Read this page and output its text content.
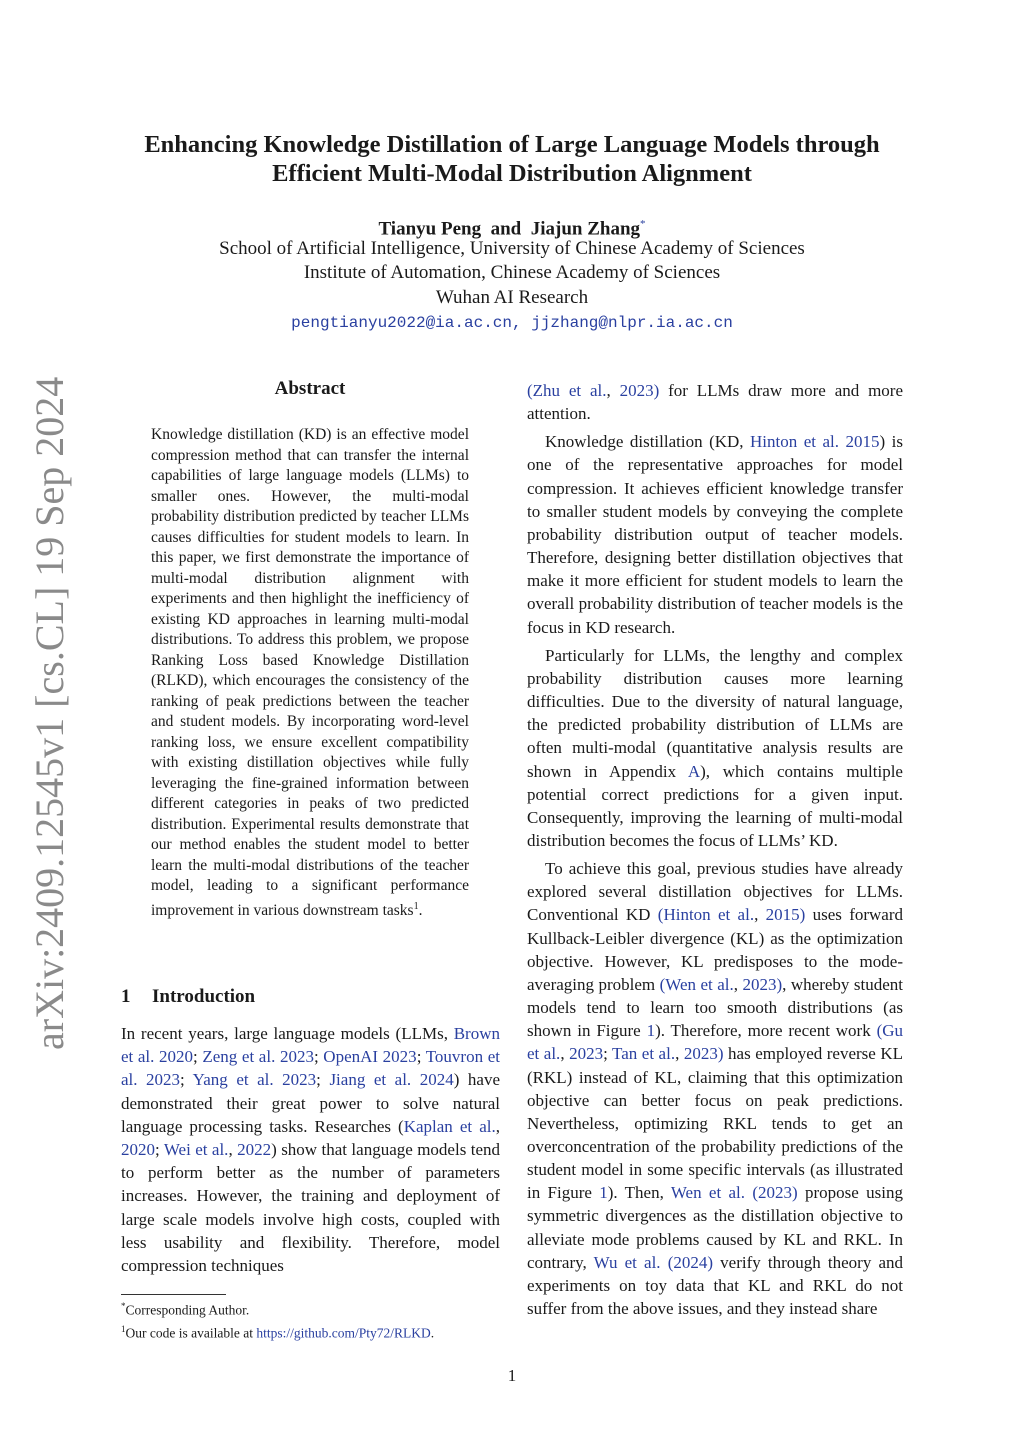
arXiv:2409.12545v1 [cs.CL] 19 Sep 2024
Enhancing Knowledge Distillation of Large Language Models through
Efficient Multi-Modal Distribution Alignment
Tianyu Peng and Jiajun Zhang*
School of Artificial Intelligence, University of Chinese Academy of Sciences
Institute of Automation, Chinese Academy of Sciences
Wuhan AI Research
pengtianyu2022@ia.ac.cn, jjzhang@nlpr.ia.ac.cn
Abstract

Knowledge distillation (KD) is an effective model compression method that can transfer the internal capabilities of large language models (LLMs) to smaller ones. However, the multi-modal probability distribution predicted by teacher LLMs causes difficulties for student models to learn. In this paper, we first demonstrate the importance of multi-modal distribution alignment with experiments and then highlight the inefficiency of existing KD approaches in learning multi-modal distributions. To address this problem, we propose Ranking Loss based Knowledge Distillation (RLKD), which encourages the consistency of the ranking of peak predictions between the teacher and student models. By incorporating word-level ranking loss, we ensure excellent compatibility with existing distillation objectives while fully leveraging the fine-grained information between different categories in peaks of two predicted distribution. Experimental results demonstrate that our method enables the student model to better learn the multi-modal distributions of the teacher model, leading to a significant performance improvement in various downstream tasks$^1$.

1 Introduction

In recent years, large language models (LLMs, Brown et al. 2020; Zeng et al. 2023; OpenAI 2023; Touvron et al. 2023; Yang et al. 2023; Jiang et al. 2024) have demonstrated their great power to solve natural language processing tasks. Researches (Kaplan et al., 2020; Wei et al., 2022) show that language models tend to perform better as the number of parameters increases. However, the training and deployment of large scale models involve high costs, coupled with less usability and flexibility. Therefore, model compression techniques

(Zhu et al., 2023) for LLMs draw more and more attention.

Knowledge distillation (KD, Hinton et al. 2015) is one of the representative approaches for model compression. It achieves efficient knowledge transfer to smaller student models by conveying the complete probability distribution output of teacher models. Therefore, designing better distillation objectives that make it more efficient for student models to learn the overall probability distribution of teacher models is the focus in KD research.

Particularly for LLMs, the lengthy and complex probability distribution causes more learning difficulties. Due to the diversity of natural language, the predicted probability distribution of LLMs are often multi-modal (quantitative analysis results are shown in Appendix A), which contains multiple potential correct predictions for a given input. Consequently, improving the learning of multi-modal distribution becomes the focus of LLMs’ KD.

To achieve this goal, previous studies have already explored several distillation objectives for LLMs. Conventional KD (Hinton et al., 2015) uses forward Kullback-Leibler divergence (KL) as the optimization objective. However, KL predisposes to the mode-averaging problem (Wen et al., 2023), whereby student models tend to learn too smooth distributions (as shown in Figure 1). Therefore, more recent work (Gu et al., 2023; Tan et al., 2023) has employed reverse KL (RKL) instead of KL, claiming that this optimization objective can better focus on peak predictions. Nevertheless, optimizing RKL tends to get an overconcentration of the probability predictions of the student model in some specific intervals (as illustrated in Figure 1). Then, Wen et al. (2023) propose using symmetric divergences as the distillation objective to alleviate mode problems caused by KL and RKL. In contrary, Wu et al. (2024) verify through theory and experiments on toy data that KL and RKL do not suffer from the above issues, and they instead share

*Corresponding Author.
$^1$Our code is available at https://github.com/Pty72/RLKD.
1
